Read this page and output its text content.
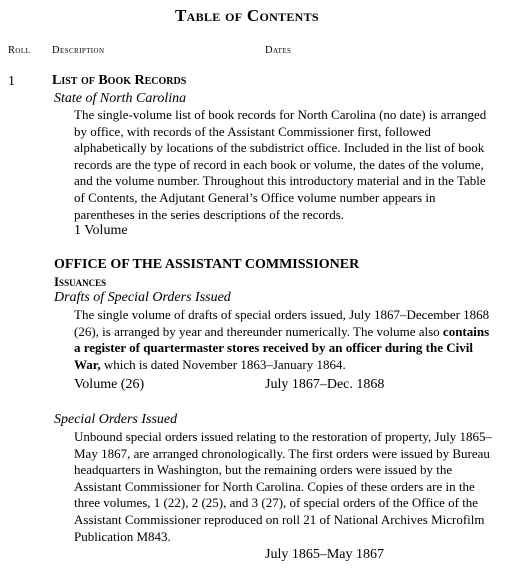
Table of Contents
Roll Description	Dates
1	List of Book Records
State of North Carolina
The single-volume list of book records for North Carolina (no date) is arranged
by office, with records of the Assistant Commissioner first, followed
alphabetically by locations of the subdistrict office. Included in the list of book
records are the type of record in each book or volume, the dates of the volume,
and the volume number. Throughout this introductory material and in the Table
of Contents, the Adjutant General’s Office volume number appears in
parentheses in the series descriptions of the records.
1 Volume
OFFICE OF THE ASSISTANT COMMISSIONER
Issuances
Drafts of Special Orders Issued
The single volume of drafts of special orders issued, July 1867–December 1868
(26), is arranged by year and thereunder numerically. The volume also contains
a register of quartermaster stores received by an officer during the Civil
War, which is dated November 1863–January 1864.
Volume (26)	July 1867–Dec. 1868
Special Orders Issued
Unbound special orders issued relating to the restoration of property, July 1865–
May 1867, are arranged chronologically. The first orders were issued by Bureau
headquarters in Washington, but the remaining orders were issued by the
Assistant Commissioner for North Carolina. Copies of these orders are in the
three volumes, 1 (22), 2 (25), and 3 (27), of special orders of the Office of the
Assistant Commissioner reproduced on roll 21 of National Archives Microfilm
Publication M843.
July 1865–May 1867
